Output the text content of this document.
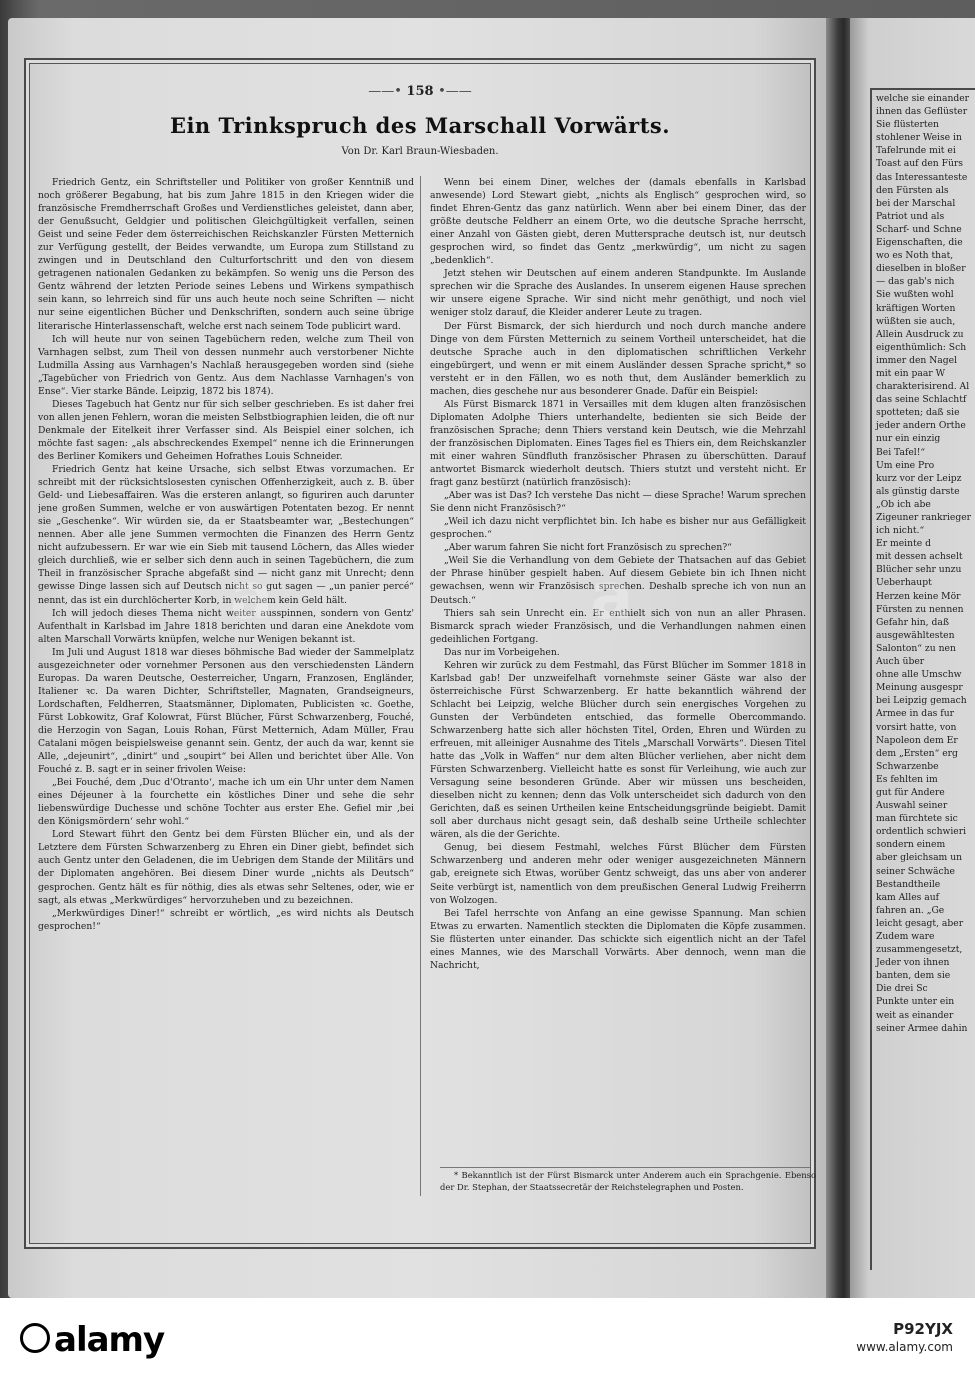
welche sie einander
ihnen das Geflüster
Sie flüsterten
stohlener Weise in
Tafelrunde mit ei
Toast auf den Fürs
das Interessanteste
den Fürsten als
bei der Marschal
Patriot und als
Scharf- und Schne
Eigenschaften, die
wo es Noth that,
dieselben in bloßer
— das gab's nich
Sie wußten wohl
kräftigen Worten
wüßten sie auch,
Allein Ausdruck zu
eigenthümlich: Sch
immer den Nagel
mit ein paar W
charakterisirend. Al
das seine Schlachtf
spotteten; daß sie
jeder andern Orthe
nur ein einzig
Bei Tafel!“
Um eine Pro
kurz vor der Leipz
als günstig darste
„Ob ich abe
Zigeuner rankrieger
ich nicht.“
Er meinte d
mit dessen achselt
Blücher sehr unzu
Ueberhaupt
Herzen keine Mör
Fürsten zu nennen
Gefahr hin, daß
ausgewähltesten
Salonton“ zu nen
Auch über
ohne alle Umschw
Meinung ausgespr
bei Leipzig gemach
Armee in das fur
vorsirt hatte, von
Napoleon dem Er
dem „Ersten“ erg
Schwarzenbe
Es fehlten im
gut für Andere
Auswahl seiner
man fürchtete sic
ordentlich schwieri
sondern einem
aber gleichsam un
seiner Schwäche
Bestandtheile
kam Alles auf
fahren an. „Ge
leicht gesagt, aber
Zudem ware
zusammengesetzt,
Jeder von ihnen
banten, dem sie
Die drei Sc
Punkte unter ein
weit as einander
seiner Armee dahin
——• 158 •——
Ein Trinkspruch des Marschall Vorwärts.
Von Dr. Karl Braun-Wiesbaden.

Friedrich Gentz, ein Schriftsteller und Politiker von großer Kenntniß und noch größerer Begabung, hat bis zum Jahre 1815 in den Kriegen wider die französische Fremdherrschaft Großes und Verdienstliches geleistet, dann aber, der Genußsucht, Geldgier und politischen Gleichgültigkeit verfallen, seinen Geist und seine Feder dem österreichischen Reichskanzler Fürsten Metternich zur Verfügung gestellt, der Beides verwandte, um Europa zum Stillstand zu zwingen und in Deutschland den Culturfortschritt und den von diesem getragenen nationalen Gedanken zu bekämpfen. So wenig uns die Person des Gentz während der letzten Periode seines Lebens und Wirkens sympathisch sein kann, so lehrreich sind für uns auch heute noch seine Schriften — nicht nur seine eigentlichen Bücher und Denkschriften, sondern auch seine übrige literarische Hinterlassenschaft, welche erst nach seinem Tode publicirt ward.

Ich will heute nur von seinen Tagebüchern reden, welche zum Theil von Varnhagen selbst, zum Theil von dessen nunmehr auch verstorbener Nichte Ludmilla Assing aus Varnhagen's Nachlaß herausgegeben worden sind (siehe „Tagebücher von Friedrich von Gentz. Aus dem Nachlasse Varnhagen's von Ense“. Vier starke Bände. Leipzig, 1872 bis 1874).

Dieses Tagebuch hat Gentz nur für sich selber geschrieben. Es ist daher frei von allen jenen Fehlern, woran die meisten Selbstbiographien leiden, die oft nur Denkmale der Eitelkeit ihrer Verfasser sind. Als Beispiel einer solchen, ich möchte fast sagen: „als abschreckendes Exempel“ nenne ich die Erinnerungen des Berliner Komikers und Geheimen Hofrathes Louis Schneider.

Friedrich Gentz hat keine Ursache, sich selbst Etwas vorzumachen. Er schreibt mit der rücksichtslosesten cynischen Offenherzigkeit, auch z. B. über Geld- und Liebesaffairen. Was die ersteren anlangt, so figuriren auch darunter jene großen Summen, welche er von auswärtigen Potentaten bezog. Er nennt sie „Geschenke“. Wir würden sie, da er Staatsbeamter war, „Bestechungen“ nennen. Aber alle jene Summen vermochten die Finanzen des Herrn Gentz nicht aufzubessern. Er war wie ein Sieb mit tausend Löchern, das Alles wieder gleich durchließ, wie er selber sich denn auch in seinen Tagebüchern, die zum Theil in französischer Sprache abgefaßt sind — nicht ganz mit Unrecht; denn gewisse Dinge lassen sich auf Deutsch nicht so gut sagen — „un panier percé“ nennt, das ist ein durchlöcherter Korb, in welchem kein Geld hält.

Ich will jedoch dieses Thema nicht weiter ausspinnen, sondern von Gentz' Aufenthalt in Karlsbad im Jahre 1818 berichten und daran eine Anekdote vom alten Marschall Vorwärts knüpfen, welche nur Wenigen bekannt ist.

Im Juli und August 1818 war dieses böhmische Bad wieder der Sammelplatz ausgezeichneter oder vornehmer Personen aus den verschiedensten Ländern Europas. Da waren Deutsche, Oesterreicher, Ungarn, Franzosen, Engländer, Italiener ꝛc. Da waren Dichter, Schriftsteller, Magnaten, Grandseigneurs, Lordschaften, Feldherren, Staatsmänner, Diplomaten, Publicisten ꝛc. Goethe, Fürst Lobkowitz, Graf Kolowrat, Fürst Blücher, Fürst Schwarzenberg, Fouché, die Herzogin von Sagan, Louis Rohan, Fürst Metternich, Adam Müller, Frau Catalani mögen beispielsweise genannt sein. Gentz, der auch da war, kennt sie Alle, „dejeunirt“, „dinirt“ und „soupirt“ bei Allen und berichtet über Alle. Von Fouché z. B. sagt er in seiner frivolen Weise:

„Bei Fouché, dem ‚Duc d'Otranto‘, mache ich um ein Uhr unter dem Namen eines Déjeuner à la fourchette ein köstliches Diner und sehe die sehr liebenswürdige Duchesse und schöne Tochter aus erster Ehe. Gefiel mir ‚bei den Königsmördern‘ sehr wohl.“

Lord Stewart führt den Gentz bei dem Fürsten Blücher ein, und als der Letztere dem Fürsten Schwarzenberg zu Ehren ein Diner giebt, befindet sich auch Gentz unter den Geladenen, die im Uebrigen dem Stande der Militärs und der Diplomaten angehören. Bei diesem Diner wurde „nichts als Deutsch“ gesprochen. Gentz hält es für nöthig, dies als etwas sehr Seltenes, oder, wie er sagt, als etwas „Merkwürdiges“ hervorzuheben und zu bezeichnen.

„Merkwürdiges Diner!“ schreibt er wörtlich, „es wird nichts als Deutsch gesprochen!“

Wenn bei einem Diner, welches der (damals ebenfalls in Karlsbad anwesende) Lord Stewart giebt, „nichts als Englisch“ gesprochen wird, so findet Ehren-Gentz das ganz natürlich. Wenn aber bei einem Diner, das der größte deutsche Feldherr an einem Orte, wo die deutsche Sprache herrscht, einer Anzahl von Gästen giebt, deren Muttersprache deutsch ist, nur deutsch gesprochen wird, so findet das Gentz „merkwürdig“, um nicht zu sagen „bedenklich“.

Jetzt stehen wir Deutschen auf einem anderen Standpunkte. Im Auslande sprechen wir die Sprache des Auslandes. In unserem eigenen Hause sprechen wir unsere eigene Sprache. Wir sind nicht mehr genöthigt, und noch viel weniger stolz darauf, die Kleider anderer Leute zu tragen.

Der Fürst Bismarck, der sich hierdurch und noch durch manche andere Dinge von dem Fürsten Metternich zu seinem Vortheil unterscheidet, hat die deutsche Sprache auch in den diplomatischen schriftlichen Verkehr eingebürgert, und wenn er mit einem Ausländer dessen Sprache spricht,* so versteht er in den Fällen, wo es noth thut, dem Ausländer bemerklich zu machen, dies geschehe nur aus besonderer Gnade. Dafür ein Beispiel:

Als Fürst Bismarck 1871 in Versailles mit dem klugen alten französischen Diplomaten Adolphe Thiers unterhandelte, bedienten sie sich Beide der französischen Sprache; denn Thiers verstand kein Deutsch, wie die Mehrzahl der französischen Diplomaten. Eines Tages fiel es Thiers ein, dem Reichskanzler mit einer wahren Sündfluth französischer Phrasen zu überschütten. Darauf antwortet Bismarck wiederholt deutsch. Thiers stutzt und versteht nicht. Er fragt ganz bestürzt (natürlich französisch):

„Aber was ist Das? Ich verstehe Das nicht — diese Sprache! Warum sprechen Sie denn nicht Französisch?“

„Weil ich dazu nicht verpflichtet bin. Ich habe es bisher nur aus Gefälligkeit gesprochen.“

„Aber warum fahren Sie nicht fort Französisch zu sprechen?“

„Weil Sie die Verhandlung von dem Gebiete der Thatsachen auf das Gebiet der Phrase hinüber gespielt haben. Auf diesem Gebiete bin ich Ihnen nicht gewachsen, wenn wir Französisch sprechen. Deshalb spreche ich von nun an Deutsch.“

Thiers sah sein Unrecht ein. Er enthielt sich von nun an aller Phrasen. Bismarck sprach wieder Französisch, und die Verhandlungen nahmen einen gedeihlichen Fortgang.

Das nur im Vorbeigehen.

Kehren wir zurück zu dem Festmahl, das Fürst Blücher im Sommer 1818 in Karlsbad gab! Der unzweifelhaft vornehmste seiner Gäste war also der österreichische Fürst Schwarzenberg. Er hatte bekanntlich während der Schlacht bei Leipzig, welche Blücher durch sein energisches Vorgehen zu Gunsten der Verbündeten entschied, das formelle Obercommando. Schwarzenberg hatte sich aller höchsten Titel, Orden, Ehren und Würden zu erfreuen, mit alleiniger Ausnahme des Titels „Marschall Vorwärts“. Diesen Titel hatte das „Volk in Waffen“ nur dem alten Blücher verliehen, aber nicht dem Fürsten Schwarzenberg. Vielleicht hatte es sonst für Verleihung, wie auch zur Versagung seine besonderen Gründe. Aber wir müssen uns bescheiden, dieselben nicht zu kennen; denn das Volk unterscheidet sich dadurch von den Gerichten, daß es seinen Urtheilen keine Entscheidungsgründe beigiebt. Damit soll aber durchaus nicht gesagt sein, daß deshalb seine Urtheile schlechter wären, als die der Gerichte.

Genug, bei diesem Festmahl, welches Fürst Blücher dem Fürsten Schwarzenberg und anderen mehr oder weniger ausgezeichneten Männern gab, ereignete sich Etwas, worüber Gentz schweigt, das uns aber von anderer Seite verbürgt ist, namentlich von dem preußischen General Ludwig Freiherrn von Wolzogen.

Bei Tafel herrschte von Anfang an eine gewisse Spannung. Man schien Etwas zu erwarten. Namentlich steckten die Diplomaten die Köpfe zusammen. Sie flüsterten unter einander. Das schickte sich eigentlich nicht an der Tafel eines Mannes, wie des Marschall Vorwärts. Aber dennoch, wenn man die Nachricht,

* Bekanntlich ist der Fürst Bismarck unter Anderem auch ein Sprachgenie. Ebenso der Dr. Stephan, der Staatssecretär der Reichstelegraphen und Posten.

a	a
alamy	P92YJX
www.alamy.com
